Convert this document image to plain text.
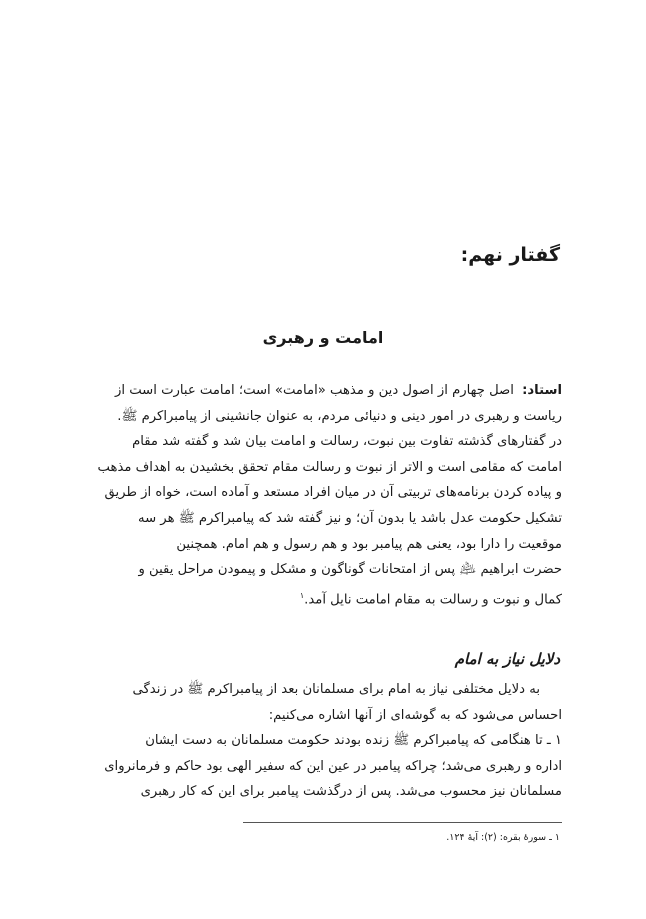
گفتار نهم:
امامت و رهبری
استاد: اصل چهارم از اصول دین و مذهب «امامت» است؛ امامت عبارت است از
ریاست و رهبری در امور دینی و دنیائی مردم، به عنوان جانشینی از پیامبراکرم ﷺ.
در گفتارهای گذشته تفاوت بین نبوت، رسالت و امامت بیان شد و گفته شد مقام
امامت که مقامی است و الاتر از نبوت و رسالت مقام تحقق بخشیدن به اهداف مذهب
و پیاده کردن برنامه‌های تربیتی آن در میان افراد مستعد و آماده است، خواه از طریق
تشکیل حکومت عدل باشد یا بدون آن؛ و نیز گفته شد که پیامبراکرم ﷺ هر سه
موقعیت را دارا بود، یعنی هم پیامبر بود و هم رسول و هم امام. همچنین
حضرت ابراهیم ﵇ پس از امتحانات گوناگون و مشکل و پیمودن مراحل یقین و
کمال و نبوت و رسالت به مقام امامت نایل آمد.$^۱$
دلایل نیاز به امام
به دلایل مختلفی نیاز به امام برای مسلمانان بعد از پیامبراکرم ﷺ در زندگی
احساس می‌شود که به گوشه‌ای از آنها اشاره می‌کنیم:
۱ ـ تا هنگامی که پیامبراکرم ﷺ زنده بودند حکومت مسلمانان به دست ایشان
اداره و رهبری می‌شد؛ چراکه پیامبر در عین این که سفیر الهی بود حاکم و فرمانروای
مسلمانان نیز محسوب می‌شد. پس از درگذشت پیامبر برای این که کار رهبری

۱ ـ سورهٔ بقره: (۲): آیهٔ ۱۲۴.
